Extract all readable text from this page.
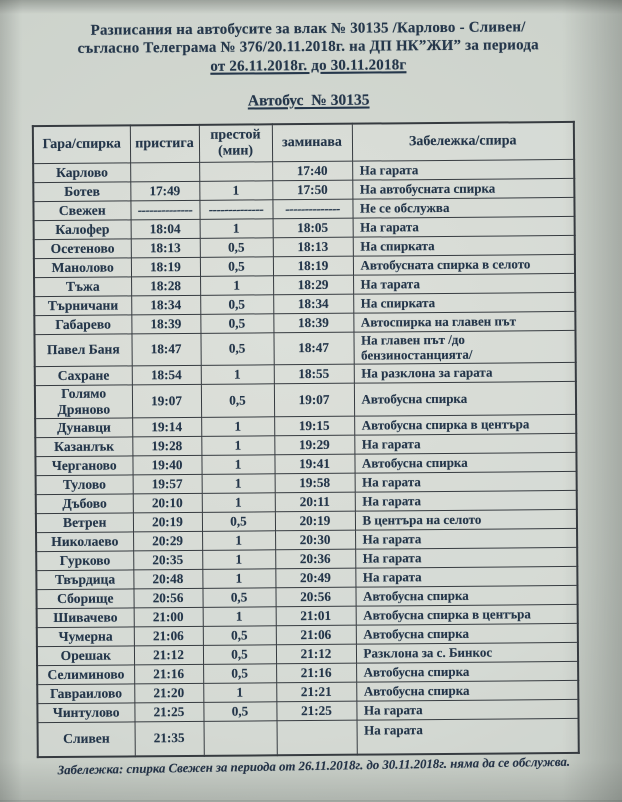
Разписания на автобусите за влак № 30135 /Карлово - Сливен/
съгласно Телеграма № 376/20.11.2018г. на ДП НК”ЖИ” за периода
от 26.11.2018г. до 30.11.2018г
Автобус  № 30135
Гара/спирка	пристига	престой (мин)	заминава	Забележка/спира
Карлово			17:40	На гарата
Ботев	17:49	1	17:50	На автобусната спирка
Свежен	--------------	--------------	--------------	Не се обслужва
Калофер	18:04	1	18:05	На гарата
Осетеново	18:13	0,5	18:13	На спирката
Манолово	18:19	0,5	18:19	Автобусната спирка в селото
Тъжа	18:28	1	18:29	На тарата
Търничани	18:34	0,5	18:34	На спирката
Габарево	18:39	0,5	18:39	Автоспирка на главен път
Павел Баня	18:47	0,5	18:47	На главен път /до бензиностанцията/
Сахране	18:54	1	18:55	На разклона за гарата
Голямо Дряново	19:07	0,5	19:07	Автобусна спирка
Дунавци	19:14	1	19:15	Автобусна спирка в центъра
Казанлък	19:28	1	19:29	На гарата
Черганово	19:40	1	19:41	Автобусна спирка
Тулово	19:57	1	19:58	На гарата
Дъбово	20:10	1	20:11	На гарата
Ветрен	20:19	0,5	20:19	В центъра на селото
Николаево	20:29	1	20:30	На гарата
Гурково	20:35	1	20:36	На гарата
Твърдица	20:48	1	20:49	На гарата
Сборище	20:56	0,5	20:56	Автобусна спирка
Шивачево	21:00	1	21:01	Автобусна спирка в центъра
Чумерна	21:06	0,5	21:06	Автобусна спирка
Орешак	21:12	0,5	21:12	Разклона за с. Бинкос
Селиминово	21:16	0,5	21:16	Автобусна спирка
Гавраилово	21:20	1	21:21	Автобусна спирка
Чинтулово	21:25	0,5	21:25	На гарата
Сливен	21:35			На гарата
Забележка: спирка Свежен за периода от 26.11.2018г. до 30.11.2018г. няма да се обслужва.
